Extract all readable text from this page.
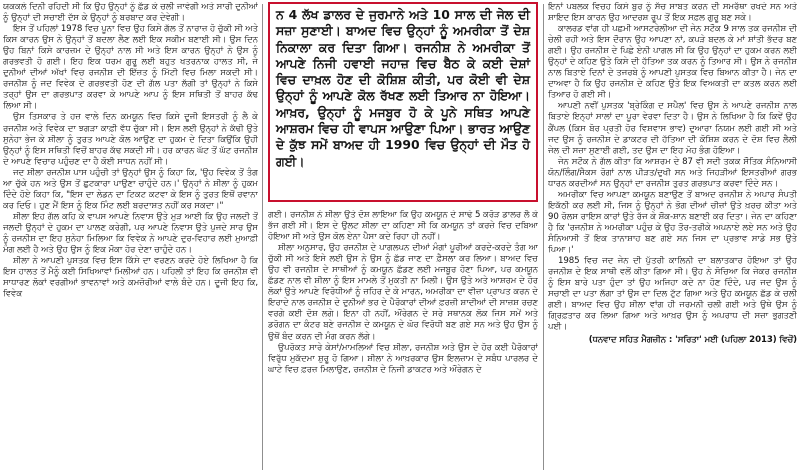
ਯਕਕਲੇ ਦਿਨੀ ਰਹਿਦੀ ਸੀ ਕਿ ਉਹ ਉਨ੍ਹਾਂ ਨੂੰ ਛੱਡ ਕੇ ਚਲੀ ਜਾਵੇਗੀ ਅਤੇ ਸਾਰੀ ਦੁਨੀਆਂ ਨੂੰ ਉਨ੍ਹਾਂ ਦੀ ਸਚਾਈ ਦੱਸ ਕੇ ਉਨ੍ਹਾਂ ਨੂੰ ਬਰਬਾਦ ਕਰ ਦੇਵੇਗੀ।

ਇਸ ਤੋਂ ਪਹਿਲਾਂ 1978 ਵਿਚ ਪੂਨਾ ਵਿਚ ਉਹ ਕਿਸੇ ਗੱਲ ਤੋਂ ਨਾਰਾਜ਼ ਹੋ ਚੁੱਕੀ ਸੀ ਅਤੇ ਕਿਸ ਕਾਰਨ ਉਸ ਨੇ ਉਨ੍ਹਾਂ ਤੋਂ ਬਦਲਾ ਲੈਣ ਲਈ ਇਕ ਸਕੀਮ ਬਣਾਈ ਸੀ। ਉਸ ਦਿਨ ਉਹ ਬਿਨਾਂ ਕਿਸੇ ਕਾਰਜ਼ਮ ਦੇ ਉਨ੍ਹਾਂ ਨਾਲ ਸੀ ਅਤੇ ਇਸ ਕਾਰਨ ਉਨ੍ਹਾਂ ਨੇ ਉਸ ਨੂੰ ਗਰਭਵਤੀ ਹੋ ਗਈ। ਇਹ ਇਕ ਧਰਮ ਗੁਰੂ ਲਈ ਬਹੁਤ ਖਤਰਨਾਕ ਹਾਲਤ ਸੀ, ਜੇ ਦੁਨੀਆਂ ਦੀਆਂ ਅੱਖਾਂ ਵਿਚ ਰਜਨੀਸ਼ ਦੀ ਇੱਜ਼ਤ ਨੂੰ ਮਿੱਟੀ ਵਿਚ ਮਿਲਾ ਸਕਦੀ ਸੀ। ਰਜਨੀਸ਼ ਨੂੰ ਜਦ ਵਿਵੇਕ ਦੇ ਗਰਭਵਤੀ ਹੋਣ ਦੀ ਗੱਲ ਪਤਾ ਲੱਗੀ ਤਾਂ ਉਨ੍ਹਾਂ ਨੇ ਕਿਸੇ ਤਰ੍ਹਾਂ ਉਸ ਦਾ ਗਰਭਪਾਤ ਕਰਵਾ ਕੇ ਆਪਣੇ ਆਪ ਨੂੰ ਇਸ ਸਥਿਤੀ ਤੋਂ ਬਾਹਰ ਕੱਢ ਲਿਆ ਸੀ।

ਉਸ ਤਿਸਕਾਰ ਤੇ ਹਜ਼ ਵਾਲੇ ਦਿਨ ਕਮਯੂਨ ਵਿਚ ਕਿਸੇ ਦੂਜੀ ਇਸਤਰੀ ਨੂੰ ਲੈ ਕੇ ਰਜਨੀਸ਼ ਅਤੇ ਵਿਵੇਕ ਦਾ ਝਗੜਾ ਕਾਫ਼ੀ ਵੱਧ ਚੁੱਕਾ ਸੀ। ਇਸ ਲਈ ਉਨ੍ਹਾਂ ਨੇ ਕੱਢੀ ਉਤੇ ਸੁਨੇਹਾ ਭੇਜ ਕੇ ਸ਼ੀਲਾ ਨੂੰ ਤੁਰਤ ਆਪਣੇ ਕੋਲ ਆਉਣ ਦਾ ਹੁਕਮ ਦੇ ਦਿਤਾ ਕਿਉਂਕਿ ਉਹੀ ਉਨ੍ਹਾਂ ਨੂੰ ਇਸ ਸਥਿਤੀ ਵਿਚੋਂ ਬਾਹਰ ਕੱਢ ਸਕਦੀ ਸੀ। ਹਰ ਕਾਰਨ ਘੱਟ ਤੋਂ ਘੱਟ ਰਜਨੀਸ਼ ਦੇ ਆਪਣੇ ਵਿਚਾਰ ਪਹੁੰਚਣ ਦਾ ਹੈ ਕੋਈ ਸਾਧਨ ਨਹੀਂ ਸੀ।

ਜਦ ਸ਼ੀਲਾ ਰਜਨੀਸ਼ ਪਾਸ ਪਹੁੰਚੀ ਤਾਂ ਉਨ੍ਹਾਂ ਉਸ ਨੂੰ ਕਿਹਾ ਕਿ, 'ਉਹ ਵਿਵੇਕ ਤੋਂ ਤੰਗ ਆ ਚੁੱਕੇ ਹਨ ਅਤੇ ਉਸ ਤੋਂ ਛੁਟਕਾਰਾ ਪਾਉਣਾ ਚਾਹੁੰਦੇ ਹਨ।' ਉਨ੍ਹਾਂ ਨੇ ਸ਼ੀਲਾ ਨੂੰ ਹੁਕਮ ਦਿੰਦੇ ਹੋਏ ਕਿਹਾ ਕਿ, "ਇਸ ਦਾ ਲੇਡਨ ਦਾ ਟਿਕਟ ਕਟਵਾ ਕੇ ਇਸ ਨੂੰ ਤੁਰਤ ਇਥੋਂ ਰਵਾਨਾ ਕਰ ਦਿਓ। ਹੁਣ ਮੈਂ ਇਸ ਨੂੰ ਇਕ ਮਿੰਟ ਲਈ ਬਰਦਾਸ਼ਤ ਨਹੀਂ ਕਰ ਸਕਦਾ।"

ਸ਼ੀਲਾ ਇਹ ਗੱਲ ਕਹਿ ਕੇ ਵਾਪਸ ਆਪਣੇ ਨਿਵਾਸ ਉਤੇ ਮੁੜ ਆਈ ਕਿ ਉਹ ਜਲਦੀ ਤੋਂ ਜਲਦੀ ਉਨ੍ਹਾਂ ਦੇ ਹੁਕਮ ਦਾ ਪਾਲਣ ਕਰੇਗੀ, ਪਰ ਆਪਣੇ ਨਿਵਾਸ ਉਤੇ ਪੁਜਦੇ ਸਾਰ ਉਸ ਨੂੰ ਰਜਨੀਸ਼ ਦਾ ਇਹ ਸੁਨੇਹਾ ਮਿਲਿਆ ਕਿ ਵਿਵੇਕ ਨੇ ਆਪਣੇ ਦੁਰ-ਵਿਹਾਰ ਲਈ ਮੁਆਫ਼ੀ ਮੰਗ ਲਈ ਹੈ ਅਤੇ ਉਹ ਉਸ ਨੂੰ ਇਕ ਮੌਕਾ ਹੋਰ ਦੇਣਾ ਚਾਹੁੰਦੇ ਹਨ।

ਸ਼ੀਲਾ ਨੇ ਆਪਣੀ ਪੁਸਤਕ ਵਿਚ ਇਸ ਕਿੱਸੇ ਦਾ ਵਰਣਨ ਕਰਦੇ ਹੋਏ ਲਿਖਿਆ ਹੈ ਕਿ ਇਸ ਹਾਲਤ ਤੋਂ ਮੈਨੂੰ ਕਈ ਸਿਖਿਆਵਾਂ ਮਿਲੀਆਂ ਹਨ। ਪਹਿਲੀ ਤਾਂ ਇਹ ਕਿ ਰਜਨੀਸ਼ ਵੀ ਸਾਧਾਰਣ ਲੋਕਾਂ ਵਰਗੀਆਂ ਭਾਵਨਾਵਾਂ ਅਤੇ ਕਮਜ਼ੋਰੀਆਂ ਵਾਲੇ ਬੰਦੇ ਹਨ। ਦੂਜੀ ਇਹ ਕਿ, ਵਿਵੇਕ

ਨ 4 ਲੱਖ ਡਾਲਰ ਦੇ ਜੁਰਮਾਨੇ ਅਤੇ 10 ਸਾਲ ਦੀ ਜੇਲ ਦੀ ਸਜ਼ਾ ਸੁਣਾਈ। ਬਾਅਦ ਵਿਚ ਉਨ੍ਹਾਂ ਨੂੰ ਅਮਰੀਕਾ ਤੋਂ ਦੇਸ਼ ਨਿਕਾਲਾ ਕਰ ਦਿਤਾ ਗਿਆ। ਰਜਨੀਸ਼ ਨੇ ਅਮਰੀਕਾ ਤੋਂ ਆਪਣੇ ਨਿਜੀ ਹਵਾਈ ਜਹਾਜ਼ ਵਿਚ ਬੈਠ ਕੇ ਕਈ ਦੇਸ਼ਾਂ ਵਿਚ ਦਾਖ਼ਲ ਹੋਣ ਦੀ ਕੋਸ਼ਿਸ਼ ਕੀਤੀ, ਪਰ ਕੋਈ ਵੀ ਦੇਸ਼ ਉਨ੍ਹਾਂ ਨੂੰ ਆਪਣੇ ਕੋਲ ਰੱਖਣ ਲਈ ਤਿਆਰ ਨਾ ਹੋਇਆ। ਆਖ਼ਰ, ਉਨ੍ਹਾਂ ਨੂੰ ਮਜਬੂਰ ਹੋ ਕੇ ਪੂਨੇ ਸਥਿਤ ਆਪਣੇ ਆਸ਼ਰਮ ਵਿਚ ਹੀ ਵਾਪਸ ਆਉਣਾ ਪਿਆ। ਭਾਰਤ ਆਉਣ ਦੇ ਕੁੱਝ ਸਮੇਂ ਬਾਅਦ ਹੀ 1990 ਵਿਚ ਉਨ੍ਹਾਂ ਦੀ ਮੌਤ ਹੋ ਗਈ।

ਗਈ। ਰਜਨੀਸ਼ ਨੇ ਸ਼ੀਲਾ ਉਤੇ ਦੋਸ਼ ਲਾਇਆ ਕਿ ਉਹ ਕਮਯੂਨ ਦੇ ਸਾਢੇ 5 ਕਰੋੜ ਡਾਲਰ ਲੈ ਕੇ ਭੱਜ ਗਈ ਸੀ। ਇਸ ਦੇ ਉਲਟ ਸ਼ੀਲਾ ਦਾ ਕਹਿਣਾ ਸੀ ਕਿ ਕਮਯੂਨ ਤਾਂ ਕਰਜ਼ੇ ਵਿਚ ਦਬਿਆ ਹੋਇਆ ਸੀ ਅਤੇ ਉਸ ਕੋਲ ਏਨਾ ਪੈਸਾ ਕਦੇ ਰਿਹਾ ਹੀ ਨਹੀਂ।

ਸ਼ੀਲਾ ਅਨੁਸਾਰ, ਉਹ ਰਜਨੀਸ਼ ਦੇ ਪਾਗਲਪਨ ਦੀਆਂ ਮੰਗਾਂ ਪੂਰੀਆਂ ਕਰਦੇ-ਕਰਦੇ ਤੰਗ ਆ ਚੁੱਕੀ ਸੀ ਅਤੇ ਇਸੇ ਲਈ ਉਸ ਨੇ ਉਸ ਨੂੰ ਛੱਡ ਜਾਣ ਦਾ ਫ਼ੈਸਲਾ ਕਰ ਲਿਆ। ਬਾਅਦ ਵਿਚ ਉਹ ਵੀ ਰਜਨੀਸ਼ ਦੇ ਸਾਥੀਆਂ ਨੂੰ ਕਮਯੂਨ ਛੱਡਣ ਲਈ ਮਜਬੂਰ ਹੋਣਾ ਪਿਆ, ਪਰ ਕਮਯੂਨ ਛੱਡਣ ਨਾਲ ਵੀ ਸ਼ੀਲਾ ਨੂੰ ਇਸ ਮਾਮਲੇ ਤੋਂ ਮੁਕਤੀ ਨਾ ਮਿਲੀ। ਉਸ ਉਤੇ ਅਤੇ ਆਸ਼ਰਮ ਦੇ ਹੋਰ ਲੋਕਾਂ ਉਤੇ ਆਪਣੇ ਵਿਰੋਧੀਆਂ ਨੂੰ ਜ਼ਹਿਰ ਦੇ ਕੇ ਮਾਰਨ, ਅਮਰੀਕਾ ਦਾ ਵੀਜ਼ਾ ਪ੍ਰਾਪਤ ਕਰਨ ਦੇ ਇਰਾਦੇ ਨਾਲ ਰਜਨੀਸ਼ ਦੇ ਦੁਨੀਆਂ ਭਰ ਦੇ ਪੈਰੋਕਾਰਾਂ ਦੀਆਂ ਫ਼ਰਜ਼ੀ ਸ਼ਾਦੀਆਂ ਦੀ ਸਾਜ਼ਸ਼ ਰਚਣ ਵਰਗੇ ਕਈ ਦੋਸ਼ ਲਗੇ। ਇਨਾ ਹੀ ਨਹੀਂ, ਔਰੇਗਨ ਦੇ ਸਰੇ ਸਥਾਨਕ ਲੋਕ ਜਿਸ ਸਮੇਂ ਅਤੇ ਡਰੋਗਨ ਦਾ ਕੰਟਰ ਬਣੇ ਰਜਨੀਸ਼ ਦੇ ਕਮਯੂਨ ਦੇ ਘੋਰ ਵਿਰੋਧੀ ਬਣ ਗਏ ਸਨ ਅਤੇ ਉਹ ਉਸ ਨੂੰ ਉਥੋਂ ਬੰਦ ਕਰਨ ਦੀ ਮੰਗ ਕਰਨ ਲੱਗੇ।

ਉਪਰੋਕਤ ਸਾਰੇ ਕੇਸਾਂ/ਮਾਮਲਿਆਂ ਵਿਚ ਸ਼ੀਲਾ, ਰਜਨੀਸ਼ ਅਤੇ ਉਸ ਦੇ ਹੋਰ ਕਈ ਪੈਰੋਕਾਰਾਂ ਵਿਰੁੱਧ ਮੁਕੱਦਮਾ ਸ਼ੁਰੂ ਹੋ ਗਿਆ। ਸ਼ੀਲਾ ਨੇ ਆਖ਼ਰਕਾਰ ਉਸ ਇਲਜ਼ਾਮ ਦੇ ਸਬੰਧ ਪਾਰਲਰ ਦੇ ਘਾਟੇ ਵਿਚ ਫ਼ਰਜ਼ ਮਿਲਾਉਣ, ਰਜਨੀਸ਼ ਦੇ ਨਿਜੀ ਡਾਕਟਰ ਅਤੇ ਔਰੇਗਨ ਦੇ

ਇਨਾਂ ਪਬਲਕ ਵਿਚਹ ਕਿਸੇ ਬੁਰ ਨੂੰ ਸੱਚ ਸਾਬਤ ਕਰਨ ਦੀ ਸਮਰੱਥਾ ਰਖਦੇ ਸਨ ਅਤੇ ਸ਼ਾਇਦ ਇਸ ਕਾਰਨ ਉਹ ਆਦਰਸ਼ ਰੂਪ ਤੋਂ ਇਕ ਸਫ਼ਲ ਗੁਰੂ ਬਣ ਸਕੇ।

ਕਾਲਰਡ ਵਾਂਗ ਹੀ ਪਛਮੀ ਆਸਟਰੇਲੀਆ ਦੀ ਜੇਨ ਸਟੌਕ 9 ਸਾਲ ਤਕ ਰਜਨੀਸ਼ ਦੀ ਚੇਲੀ ਰਹੀ ਅਤੇ ਇਸ ਦੌਰਾਨ ਉਹ ਆਪਣਾ ਨਾਂ, ਕਪੜੇ ਬਦਲ ਕੇ ਮਾਂ ਸ਼ਾਂਤੀ ਭੱਦਰ ਬਣ ਗਈ। ਉਹ ਰਜਨੀਸ਼ ਦੇ ਪਿਛੇ ਏਨੀ ਪਾਗਲ ਸੀ ਕਿ ਉਹ ਉਨ੍ਹਾਂ ਦਾ ਹੁਕਮ ਕਰਨ ਲਈ ਉਨ੍ਹਾਂ ਦੇ ਕਹਿਣ ਉਤੇ ਕਿਸੇ ਦੀ ਹੱਤਿਆ ਤਕ ਕਰਨ ਨੂੰ ਤਿਆਰ ਸੀ। ਉਸ ਨੇ ਰਜਨੀਸ਼ ਨਾਲ ਬਿਤਾਏ ਦਿਨਾਂ ਦੇ ਤਜਰਬੇ ਨੂੰ ਆਪਣੀ ਪੁਸਤਕ ਵਿਚ ਬਿਆਨ ਕੀਤਾ ਹੈ। ਜੇਨ ਦਾ ਦਾਅਵਾ ਹੈ ਕਿ ਉਹ ਰਜਨੀਸ਼ ਦੇ ਕਹਿਣ ਉਤੇ ਇਕ ਵਿਅਕਤੀ ਦਾ ਕਤਲ ਕਰਨ ਲਈ ਤਿਆਰ ਹੋ ਗਈ ਸੀ।

ਆਪਣੀ ਨਵੀਂ ਪੁਸਤਕ 'ਬ੍ਰੇਕਿੰਗ ਦ ਸਪੈਲ' ਵਿਚ ਉਸ ਨੇ ਆਪਣੇ ਰਜਨੀਸ਼ ਨਾਲ ਬਿਤਾਏ ਇਨ੍ਹਾਂ ਸਾਲਾਂ ਦਾ ਪੂਰਾ ਵੇਰਵਾ ਦਿਤਾ ਹੈ। ਉਸ ਨੇ ਲਿਖਿਆ ਹੈ ਕਿ ਕਿਵੇਂ ਉਹ ਕੈਂਪਲ (ਕਿਸ ਬੋਰ ਪ੍ਰਤੀ ਹੋਰ ਵਿਸ਼ਵਾਸ ਭਾਵ) ਦੁਆਰਾ ਨਿਯਮ ਲਈ ਗਈ ਸੀ ਅਤੇ ਜਦ ਉਸ ਨੂੰ ਰਜਨੀਸ਼ ਦੇ ਡਾਕਟਰ ਦੀ ਹੱਤਿਆ ਦੀ ਕੋਸ਼ਿਸ਼ ਕਰਨ ਦੇ ਦੋਸ਼ ਵਿਚ ਲੈਲੀ ਜੇਲ ਦੀ ਸਜ਼ਾ ਸੁਣਾਈ ਗਈ, ਤਦ ਉਸ ਦਾ ਇਹ ਮੋਹ ਭੰਗ ਹੋਇਆ।

ਜੇਨ ਸਟੌਕ ਨੇ ਗੱਲ ਕੀਤਾ ਕਿ ਆਸ਼ਰਮ ਦੇ 87 ਵੀ ਸਦੀ ਤਕਕ ਸੌਤਿਕ ਸੰਨਿਆਸੀ ਯੋਨ/ਲਿੰਗ/ਸੈਕਸ ਰੋਗਾਂ ਨਾਲ ਪੀੜਤ/ਦੁਖੀ ਸਨ ਅਤੇ ਜਿਹੜੀਆਂ ਇਸਤਰੀਆਂ ਗਰਭ ਧਾਰਨ ਕਰਦੀਆਂ ਸਨ ਉਨ੍ਹਾਂ ਦਾ ਰਜਨੀਸ਼ ਤੁਰਤ ਗਰਭਪਾਤ ਕਰਵਾ ਦਿੰਦੇ ਸਨ।

ਅਮਰੀਕਾ ਵਿਚ ਆਪਣਾ ਕਮਯੂਨ ਬਣਾਉਣ ਤੋਂ ਬਾਅਦ ਰਜਨੀਸ਼ ਨੇ ਅਪਾਰ ਸੰਪਤੀ ਇਕੱਠੀ ਕਰ ਲਈ ਸੀ, ਜਿਸ ਨੂੰ ਉਨ੍ਹਾਂ ਨੇ ਭੋਗ ਦੀਆਂ ਚੀਜ਼ਾਂ ਉਤੇ ਖ਼ਰਚ ਕੀਤਾ ਅਤੇ 90 ਰੋਲਸ ਰਾਇਸ ਕਾਰਾਂ ਉਤੇ ਰੱਜ ਕੇ ਸ਼ੌਕ-ਸ਼ਾਨ ਬਣਾਈ ਕਰ ਦਿਤਾ। ਜੇਨ ਦਾ ਕਹਿਣਾ ਹੈ ਕਿ 'ਰਜਨੀਸ਼ ਨੇ ਅਮਰੀਕਾ ਪਹੁੰਚ ਕੇ ਉਹ ਤੌਰ-ਤਰੀਕੇ ਅਪਨਾਏ ਲਏ ਸਨ ਅਤੇ ਉਹ ਸੰਨਿਆਸੀ ਤੋਂ ਇਕ ਤਾਨਾਸ਼ਾਹ ਬਣ ਗਏ ਸਨ ਜਿਸ ਦਾ ਪ੍ਰਭਾਵ ਸਾਡੇ ਸਭ ਉਤੇ ਪਿਆ।'

1985 ਵਿਚ ਜਦ ਜੇਨ ਦੀ ਪੁੱਤਰੀ ਕਾਲਿਨੀ ਦਾ ਬਲਾਤਕਾਰ ਹੋਇਆ ਤਾਂ ਉਹ ਰਜਨੀਸ਼ ਦੇ ਇਕ ਸਾਥੀ ਵਲੋਂ ਕੀਤਾ ਗਿਆ ਸੀ। ਉਹ ਨੇ ਸੋਚਿਆ ਕਿ ਜੇਕਰ ਰਜਨੀਸ਼ ਨੂੰ ਇਸ ਬਾਰੇ ਪਤਾ ਹੁੰਦਾ ਤਾਂ ਉਹ ਅਜਿਹਾ ਕਦੇ ਨਾ ਹੋਣ ਦਿੰਦੇ, ਪਰ ਜਦ ਉਸ ਨੂੰ ਸਚਾਈ ਦਾ ਪਤਾ ਲੱਗਾ ਤਾਂ ਉਸ ਦਾ ਦਿਲ ਟੁੱਟ ਗਿਆ ਅਤੇ ਉਹ ਕਮਯੂਨ ਛੱਡ ਕੇ ਚਲੀ ਗਈ। ਬਾਅਦ ਵਿਚ ਉਹ ਸ਼ੀਲਾ ਵਾਂਗ ਹੀ ਜਰਮਨੀ ਚਲੀ ਗਈ ਅਤੇ ਉਥੇ ਉਸ ਨੂੰ ਗ੍ਰਿਫ਼ਤਾਰ ਕਰ ਲਿਆ ਗਿਆ ਅਤੇ ਆਖ਼ਰ ਉਸ ਨੂੰ ਅਪਰਾਧ ਦੀ ਸਜ਼ਾ ਭੁਗਤਣੀ ਪਈ।

(ਧਨਵਾਦ ਸਹਿਤ ਮੈਗਜ਼ੀਨ : 'ਸਰਿਤਾ' ਮਈ (ਪਹਿਲਾ 2013) ਵਿਚੋਂ)
